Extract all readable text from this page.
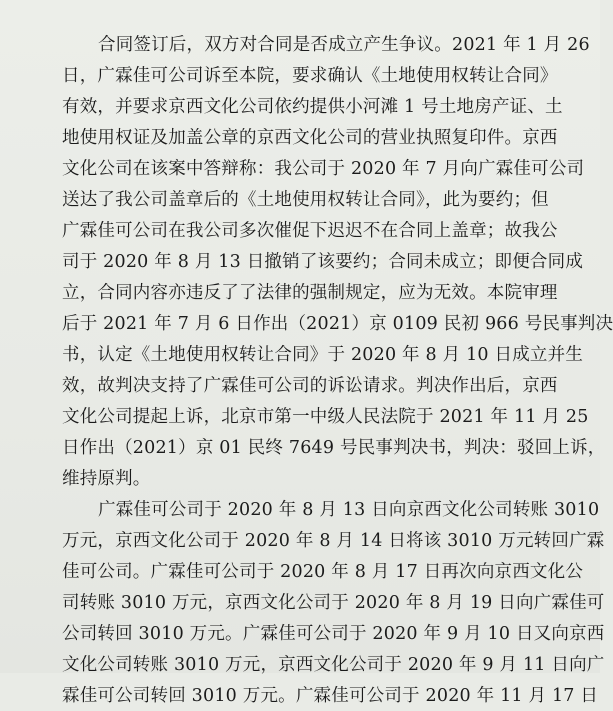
合同签订后，双方对合同是否成立产生争议。2021 年 1 月 26
日，广霖佳可公司诉至本院，要求确认《土地使用权转让合同》
有效，并要求京西文化公司依约提供小河滩 1 号土地房产证、土
地使用权证及加盖公章的京西文化公司的营业执照复印件。京西
文化公司在该案中答辩称：我公司于 2020 年 7 月向广霖佳可公司
送达了我公司盖章后的《土地使用权转让合同》，此为要约；但
广霖佳可公司在我公司多次催促下迟迟不在合同上盖章；故我公
司于 2020 年 8 月 13 日撤销了该要约；合同未成立；即便合同成
立，合同内容亦违反了了法律的强制规定，应为无效。本院审理
后于 2021 年 7 月 6 日作出（2021）京 0109 民初 966 号民事判决
书，认定《土地使用权转让合同》于 2020 年 8 月 10 日成立并生
效，故判决支持了广霖佳可公司的诉讼请求。判决作出后，京西
文化公司提起上诉，北京市第一中级人民法院于 2021 年 11 月 25
日作出（2021）京 01 民终 7649 号民事判决书，判决：驳回上诉，
维持原判。
广霖佳可公司于 2020 年 8 月 13 日向京西文化公司转账 3010
万元，京西文化公司于 2020 年 8 月 14 日将该 3010 万元转回广霖
佳可公司。广霖佳可公司于 2020 年 8 月 17 日再次向京西文化公
司转账 3010 万元，京西文化公司于 2020 年 8 月 19 日向广霖佳可
公司转回 3010 万元。广霖佳可公司于 2020 年 9 月 10 日又向京西
文化公司转账 3010 万元，京西文化公司于 2020 年 9 月 11 日向广
霖佳可公司转回 3010 万元。广霖佳可公司于 2020 年 11 月 17 日
